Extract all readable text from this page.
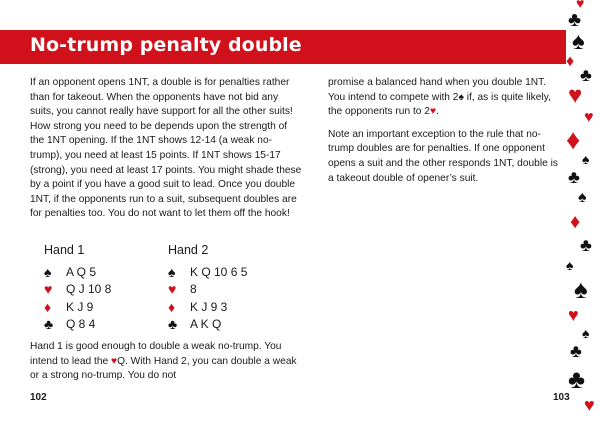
No-trump penalty double

If an opponent opens 1NT, a double is for penalties rather than for takeout. When the opponents have not bid any suits, you cannot really have support for all the other suits! How strong you need to be depends upon the strength of the 1NT opening. If the 1NT shows 12-14 (a weak no-trump), you need at least 15 points. If 1NT shows 15-17 (strong), you need at least 17 points. You might shade these by a point if you have a good suit to lead. Once you double 1NT, if the opponents run to a suit, subsequent doubles are for penalties too. You do not want to let them off the hook!

Hand 1
♠	A Q 5
♥	Q J 10 8
♦	K J 9
♣	Q 8 4
Hand 2
♠	K Q 10 6 5
♥	8
♦	K J 9 3
♣	A K Q

Hand 1 is good enough to double a weak no-trump. You intend to lead the ♥Q. With Hand 2, you can double a weak or a strong no-trump. You do not

promise a balanced hand when you double 1NT. You intend to compete with 2♠ if, as is quite likely, the opponents run to 2♥.

Note an important exception to the rule that no-trump doubles are for penalties. If one opponent opens a suit and the other responds 1NT, double is a takeout double of opener’s suit.

102	103
♥
♣
♠
♦
♣
♥
♥
♦
♠
♣
♠
♦
♣
♠
♠
♥
♠
♣
♣
♥
